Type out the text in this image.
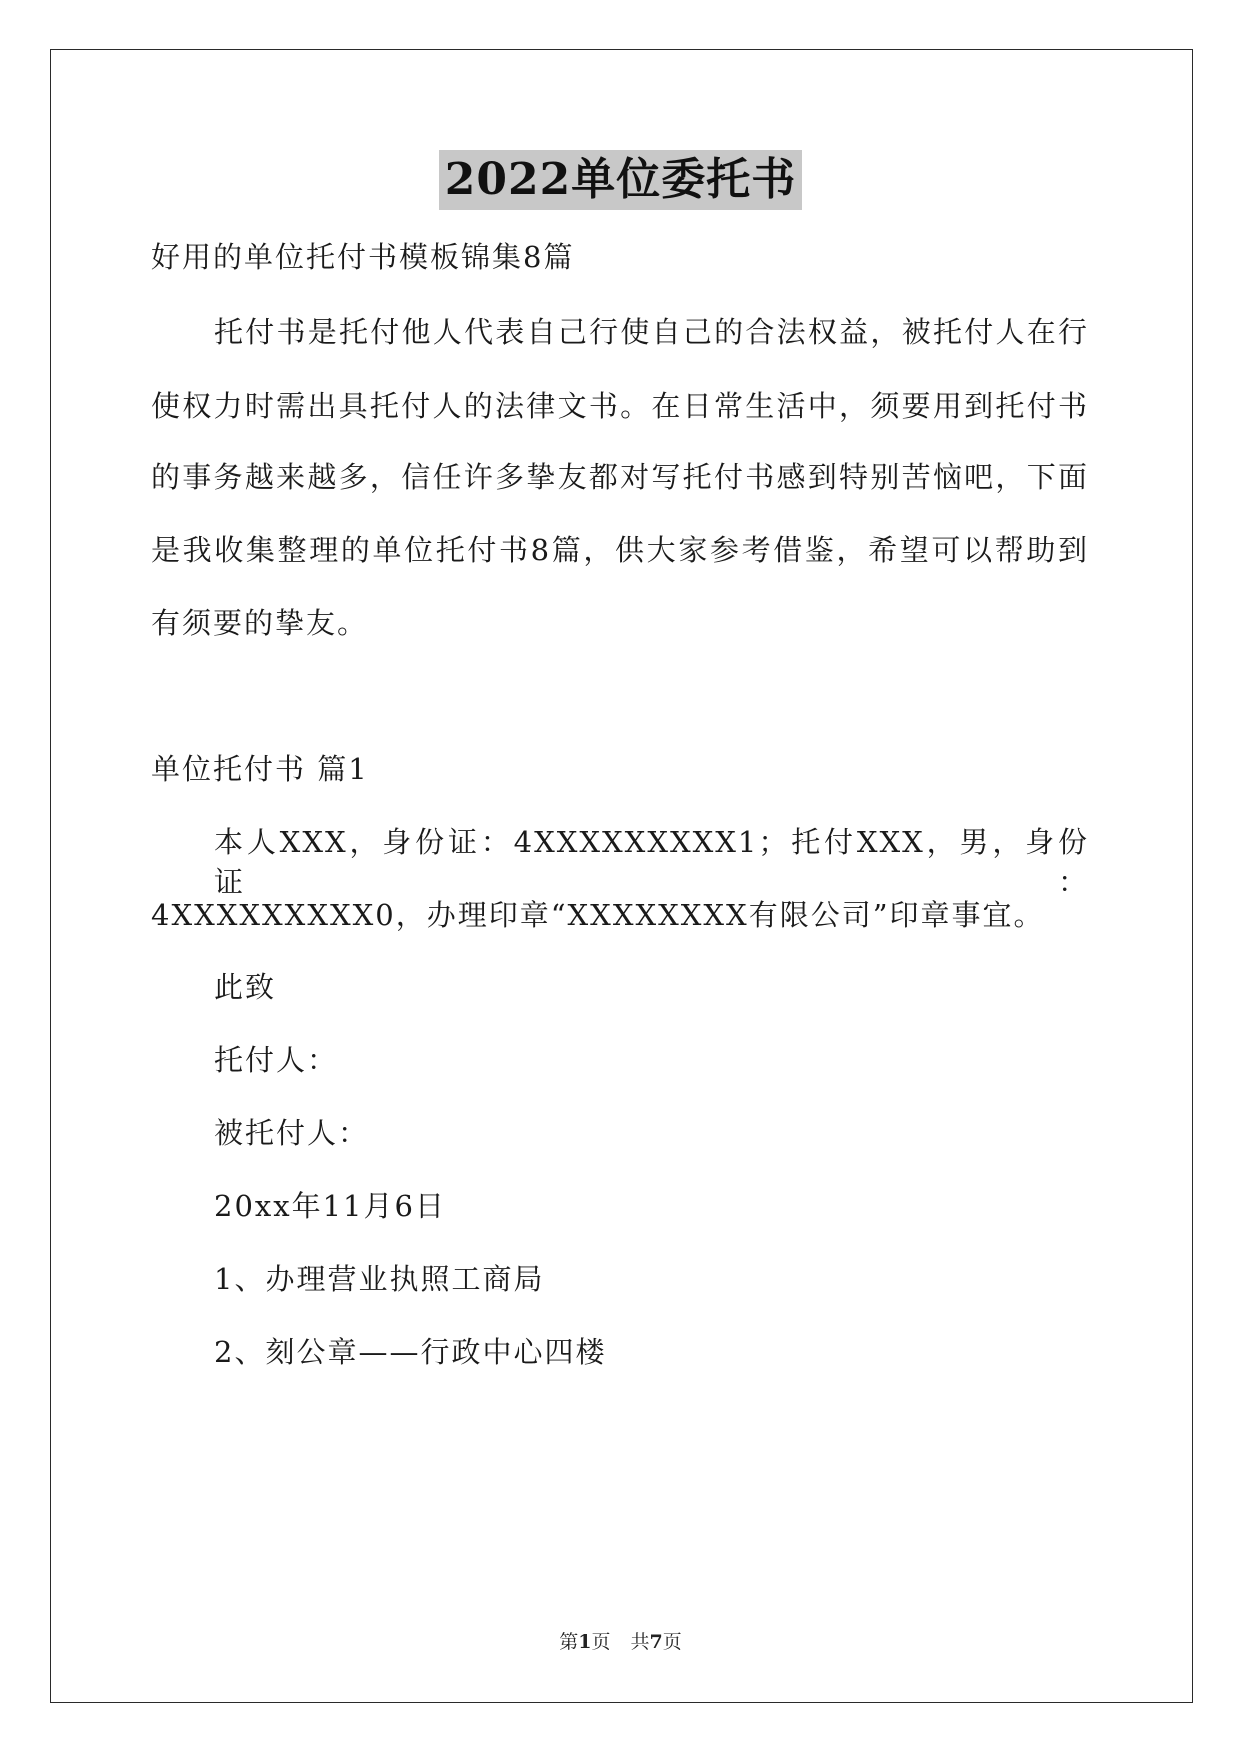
2022单位委托书
好用的单位托付书模板锦集8篇
托付书是托付他人代表自己行使自己的合法权益，被托付人在行
使权力时需出具托付人的法律文书。在日常生活中，须要用到托付书
的事务越来越多，信任许多挚友都对写托付书感到特别苦恼吧，下面
是我收集整理的单位托付书8篇，供大家参考借鉴，希望可以帮助到
有须要的挚友。
单位托付书 篇1
本人XXX，身份证：4XXXXXXXXX1；托付XXX，男，身份证：
4XXXXXXXXX0，办理印章“XXXXXXXX有限公司”印章事宜。
此致
托付人：
被托付人：
20xx年11月6日
1、办理营业执照工商局
2、刻公章——行政中心四楼
第1页 共7页
